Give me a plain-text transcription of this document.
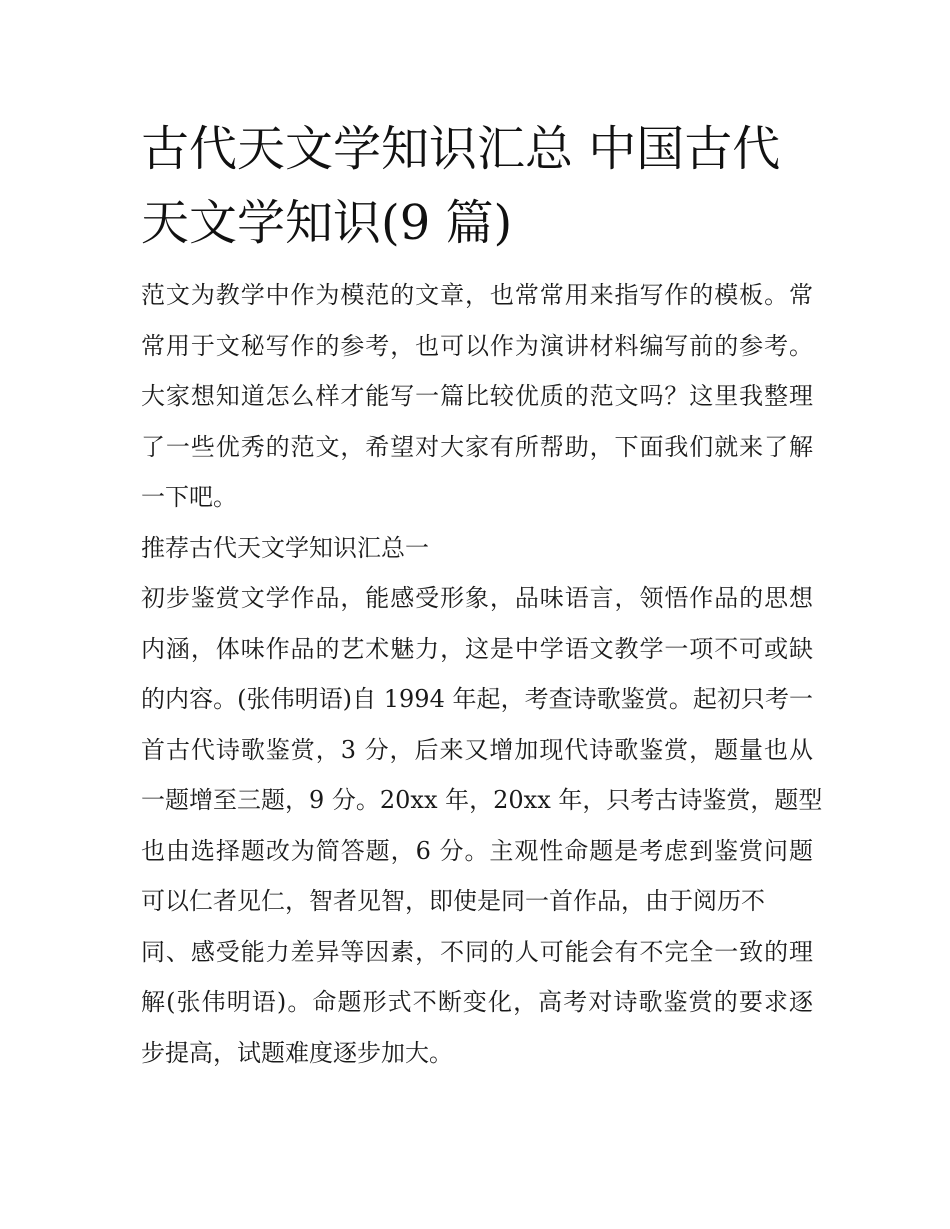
古代天文学知识汇总 中国古代
天文学知识(9 篇)
范文为教学中作为模范的文章，也常常用来指写作的模板。常
常用于文秘写作的参考，也可以作为演讲材料编写前的参考。
大家想知道怎么样才能写一篇比较优质的范文吗？这里我整理
了一些优秀的范文，希望对大家有所帮助，下面我们就来了解
一下吧。
推荐古代天文学知识汇总一
初步鉴赏文学作品，能感受形象，品味语言，领悟作品的思想
内涵，体味作品的艺术魅力，这是中学语文教学一项不可或缺
的内容。(张伟明语)自 1994 年起，考查诗歌鉴赏。起初只考一
首古代诗歌鉴赏，3 分，后来又增加现代诗歌鉴赏，题量也从
一题增至三题，9 分。20xx 年，20xx 年，只考古诗鉴赏，题型
也由选择题改为简答题，6 分。主观性命题是考虑到鉴赏问题
可以仁者见仁，智者见智，即使是同一首作品，由于阅历不
同、感受能力差异等因素，不同的人可能会有不完全一致的理
解(张伟明语)。命题形式不断变化，高考对诗歌鉴赏的要求逐
步提高，试题难度逐步加大。
